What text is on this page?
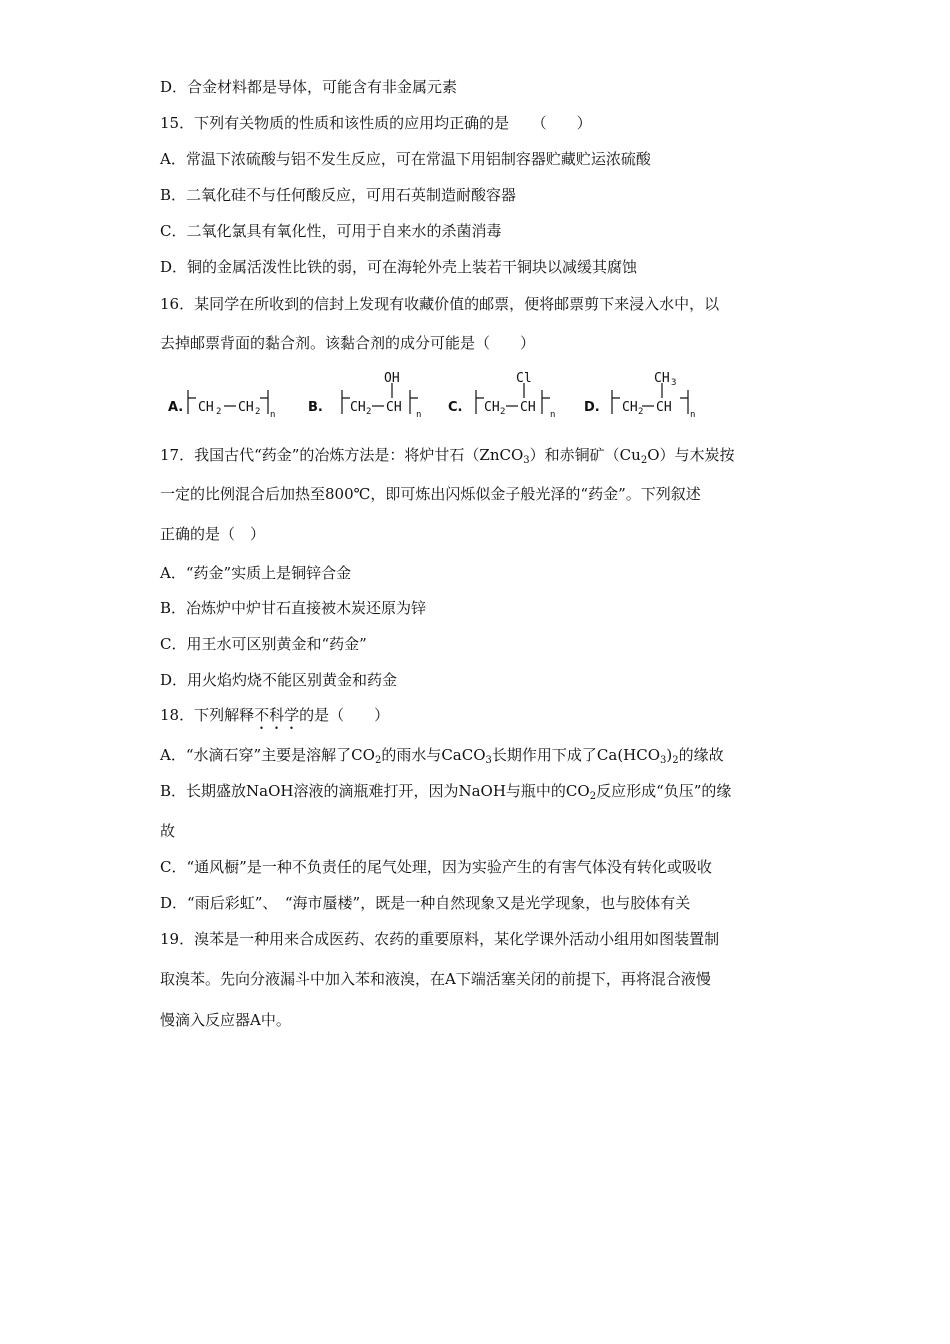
D．合金材料都是导体，可能含有非金属元素
15．下列有关物质的性质和该性质的应用均正确的是　　（　　）
A．常温下浓硫酸与铝不发生反应，可在常温下用铝制容器贮藏贮运浓硫酸
B．二氧化硅不与任何酸反应，可用石英制造耐酸容器
C．二氧化氯具有氧化性，可用于自来水的杀菌消毒
D．铜的金属活泼性比铁的弱，可在海轮外壳上装若干铜块以减缓其腐蚀
16．某同学在所收到的信封上发现有收藏价值的邮票，便将邮票剪下来浸入水中，以
去掉邮票背面的黏合剂。该黏合剂的成分可能是（　　）
A. CH 2 CH 2 n	B. CH 2 CH
OH
n C. CH 2 CH
Cl
n D. CH 2 CH
CH 3
n
17．我国古代“药金”的冶炼方法是：将炉甘石（ZnCO$_3$）和赤铜矿$(Cu_2O)$与木炭按
一定的比例混合后加热至800℃，即可炼出闪烁似金子般光泽的“药金”。下列叙述
正确的是（　）
A．“药金”实质上是铜锌合金
B．冶炼炉中炉甘石直接被木炭还原为锌
C．用王水可区别黄金和“药金”
D．用火焰灼烧不能区别黄金和药金
18．下列解释不科学的是（　　）
A．“水滴石穿”主要是溶解了$CO_2$的雨水与CaCO$_3$长期作用下成了$Ca(HCO_3)_2$的缘故
B．长期盛放NaOH溶液的滴瓶难打开，因为NaOH与瓶中的$CO_2$反应形成“负压”的缘
故
C．“通风橱”是一种不负责任的尾气处理，因为实验产生的有害气体没有转化或吸收
D．“雨后彩虹”、　“海市蜃楼”，既是一种自然现象又是光学现象，也与胶体有关
19．溴苯是一种用来合成医药、农药的重要原料，某化学课外活动小组用如图装置制
取溴苯。先向分液漏斗中加入苯和液溴，在A下端活塞关闭的前提下，再将混合液慢
慢滴入反应器A中。
